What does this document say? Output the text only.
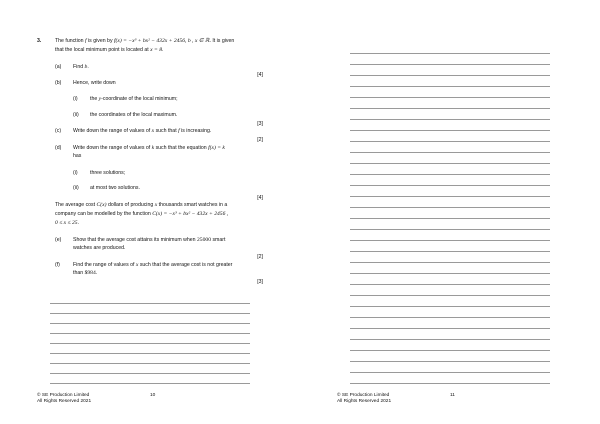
3.	The function f is given by f(x) = −x³ + bx² − 432x + 2456, b , x ∈ ℝ. It is given
that the local minimum point is located at x = 8.
(a) Find b.
[4]
(b) Hence, write down
(i) the y-coordinate of the local minimum;
(ii) the coordinates of the local maximum.
[3]
(c) Write down the range of values of x such that f is increasing.
[2]
(d) Write down the range of values of k such that the equation f(x) = k
has
(i) three solutions;
(ii) at most two solutions.
[4]
The average cost C(x) dollars of producing x thousands smart watches in a
company can be modelled by the function C(x) = −x³ + bx² − 432x + 2456 ,
0 ≤ x ≤ 25.
(e) Show that the average cost attains its minimum when 25000 smart
watches are produced.
[2]
(f)	Find the range of values of x such that the average cost is not greater
than $984.
[3]
© SE Production Limited
All Rights Reserved 2021
10	© SE Production Limited
All Rights Reserved 2021
11
